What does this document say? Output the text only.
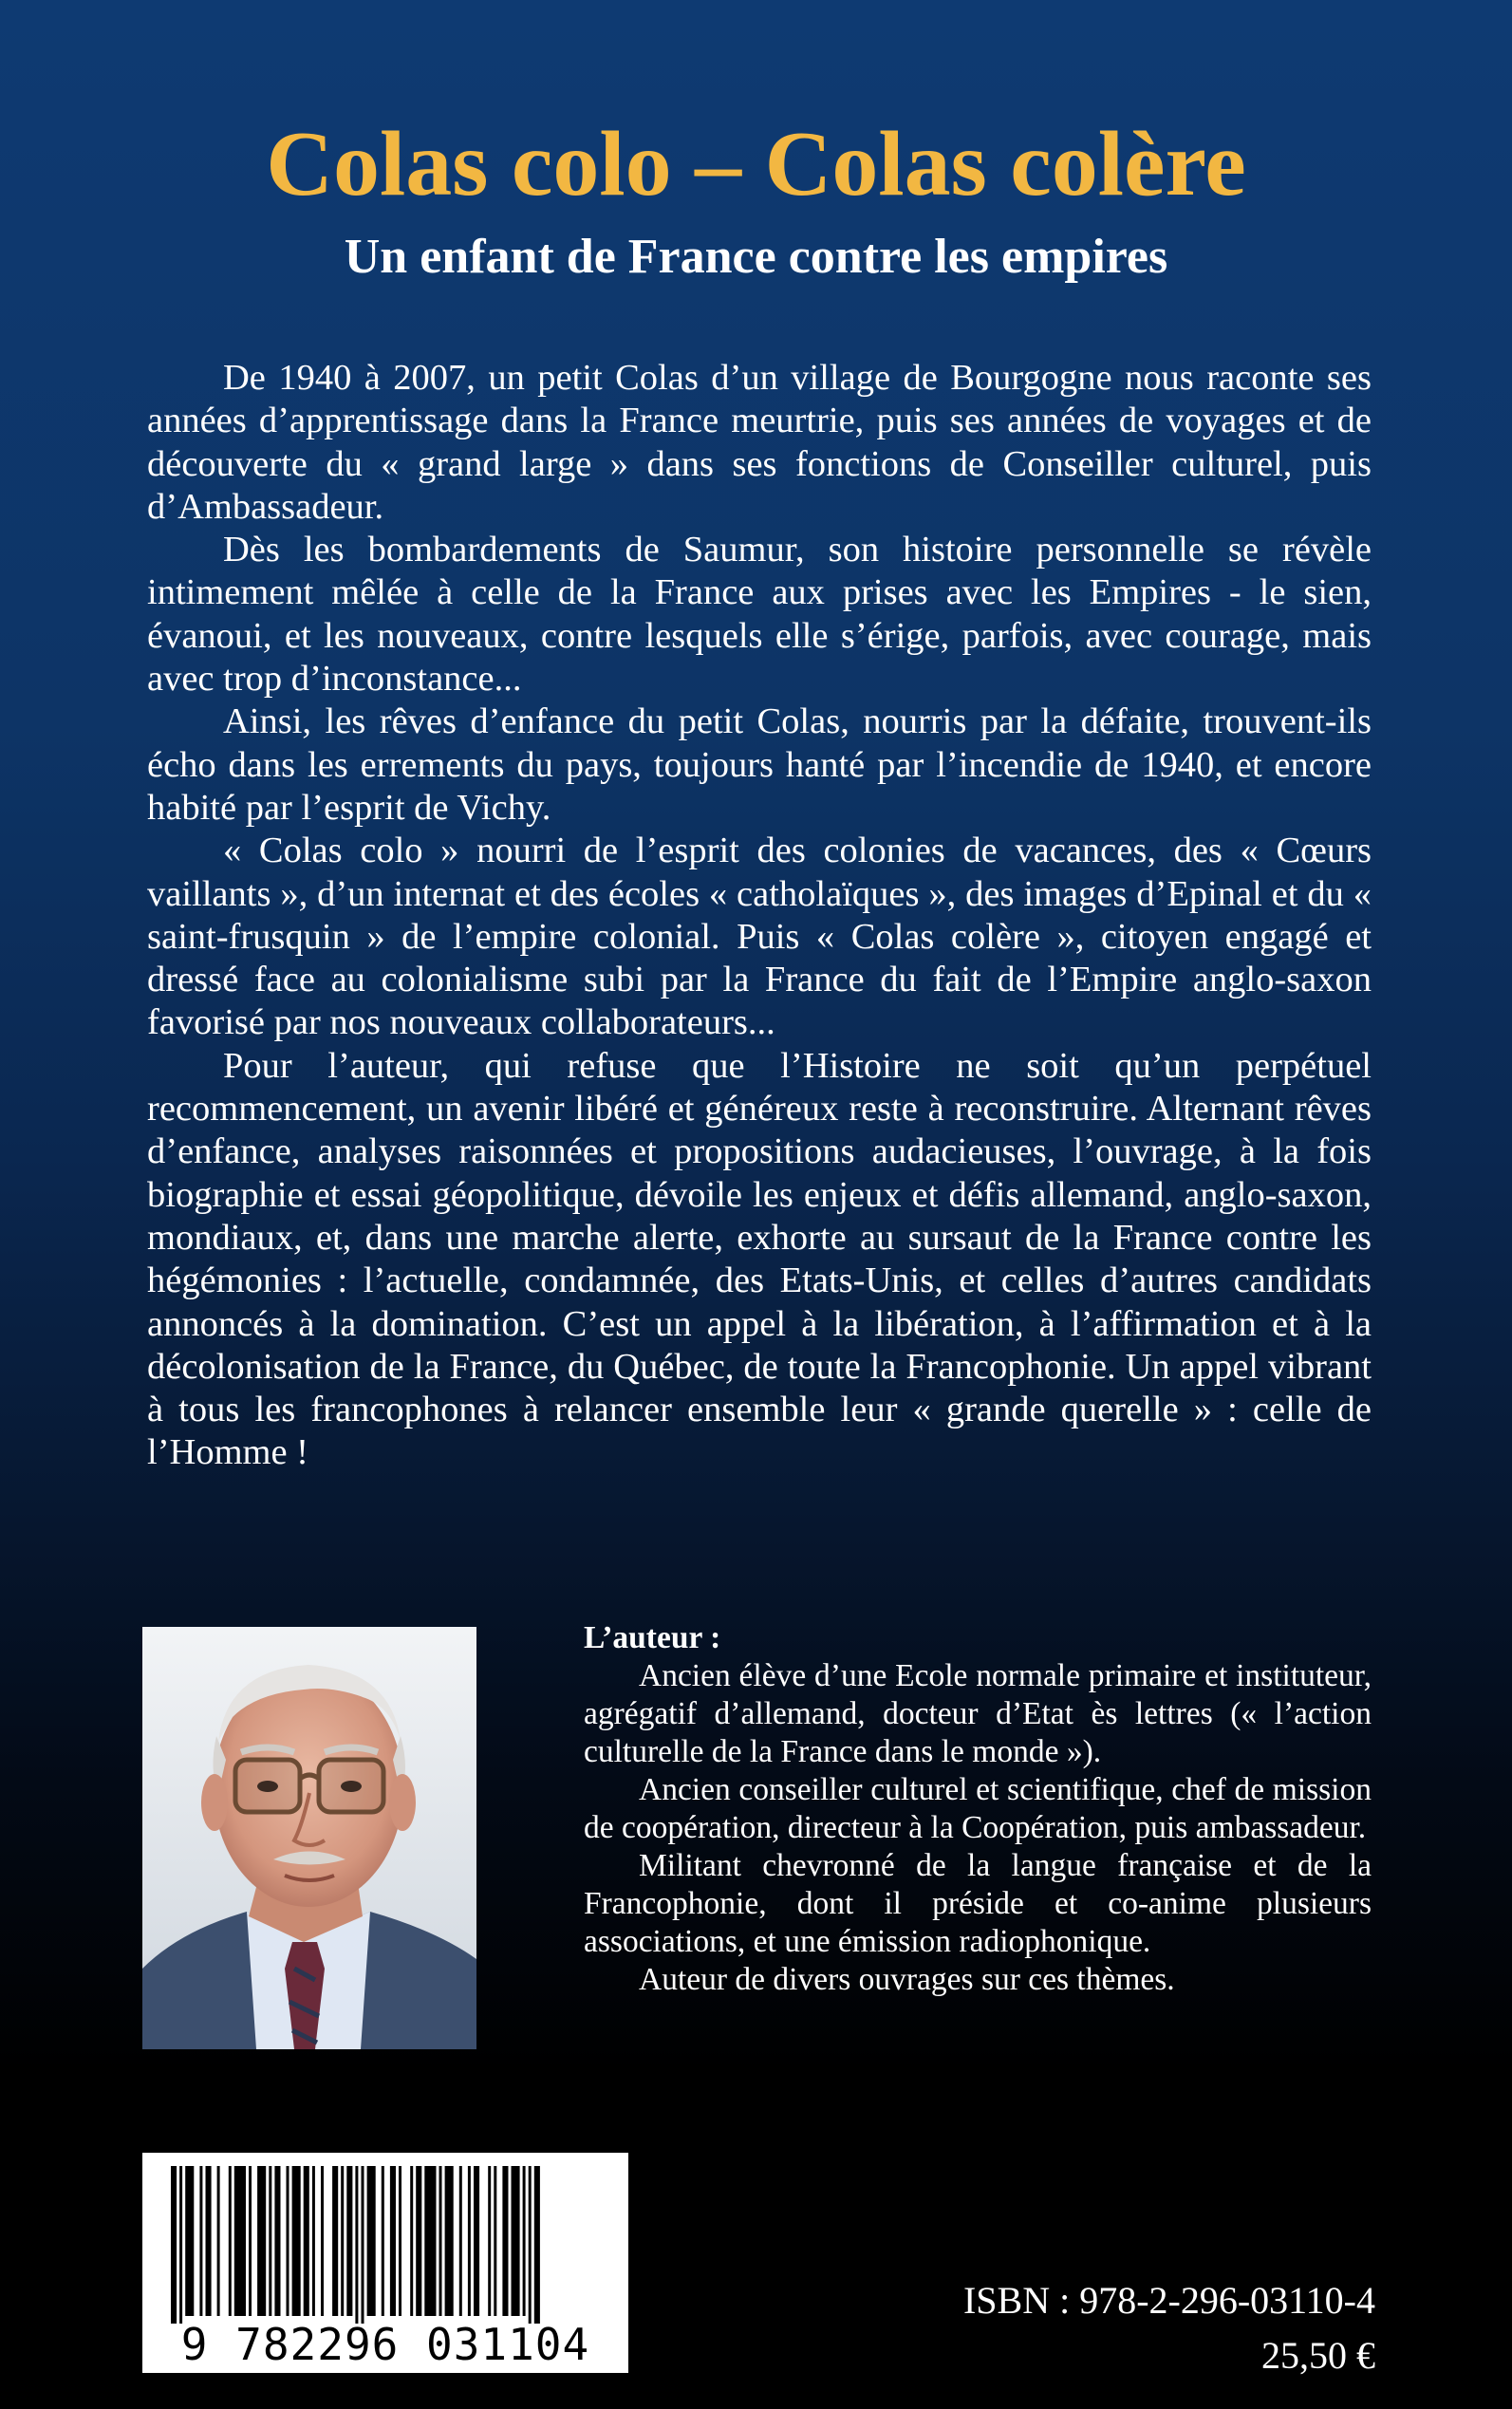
Colas colo – Colas colère
Un enfant de France contre les empires

De 1940 à 2007, un petit Colas d’un village de Bourgogne nous raconte ses années d’apprentissage dans la France meurtrie, puis ses années de voyages et de découverte du « grand large » dans ses fonctions de Conseiller culturel, puis d’Ambassadeur.

Dès les bombardements de Saumur, son histoire personnelle se révèle intimement mêlée à celle de la France aux prises avec les Empires - le sien, évanoui, et les nouveaux, contre lesquels elle s’érige, parfois, avec courage, mais avec trop d’inconstance...

Ainsi, les rêves d’enfance du petit Colas, nourris par la défaite, trouvent-ils écho dans les errements du pays, toujours hanté par l’incendie de 1940, et encore habité par l’esprit de Vichy.

« Colas colo » nourri de l’esprit des colonies de vacances, des « Cœurs vaillants », d’un internat et des écoles « catholaïques », des images d’Epinal et du « saint-frusquin » de l’empire colonial. Puis « Colas colère », citoyen engagé et dressé face au colonialisme subi par la France du fait de l’Empire anglo-saxon favorisé par nos nouveaux collaborateurs...

Pour l’auteur, qui refuse que l’Histoire ne soit qu’un perpétuel recommencement, un avenir libéré et généreux reste à reconstruire. Alternant rêves d’enfance, analyses raisonnées et propositions audacieuses, l’ouvrage, à la fois biographie et essai géopolitique, dévoile les enjeux et défis allemand, anglo-saxon, mondiaux, et, dans une marche alerte, exhorte au sursaut de la France contre les hégémonies : l’actuelle, condamnée, des Etats-Unis, et celles d’autres candidats annoncés à la domination. C’est un appel à la libération, à l’affirmation et à la décolonisation de la France, du Québec, de toute la Francophonie. Un appel vibrant à tous les francophones à relancer ensemble leur « grande querelle » : celle de l’Homme !

L’auteur :

Ancien élève d’une Ecole normale primaire et instituteur, agrégatif d’allemand, docteur d’Etat ès lettres (« l’action culturelle de la France dans le monde »).

Ancien conseiller culturel et scientifique, chef de mission de coopération, directeur à la Coopération, puis ambassadeur.

Militant chevronné de la langue française et de la Francophonie, dont il préside et co-anime plusieurs associations, et une émission radiophonique.

Auteur de divers ouvrages sur ces thèmes.

9 782296 031104
ISBN : 978-2-296-03110-4
25,50 €
